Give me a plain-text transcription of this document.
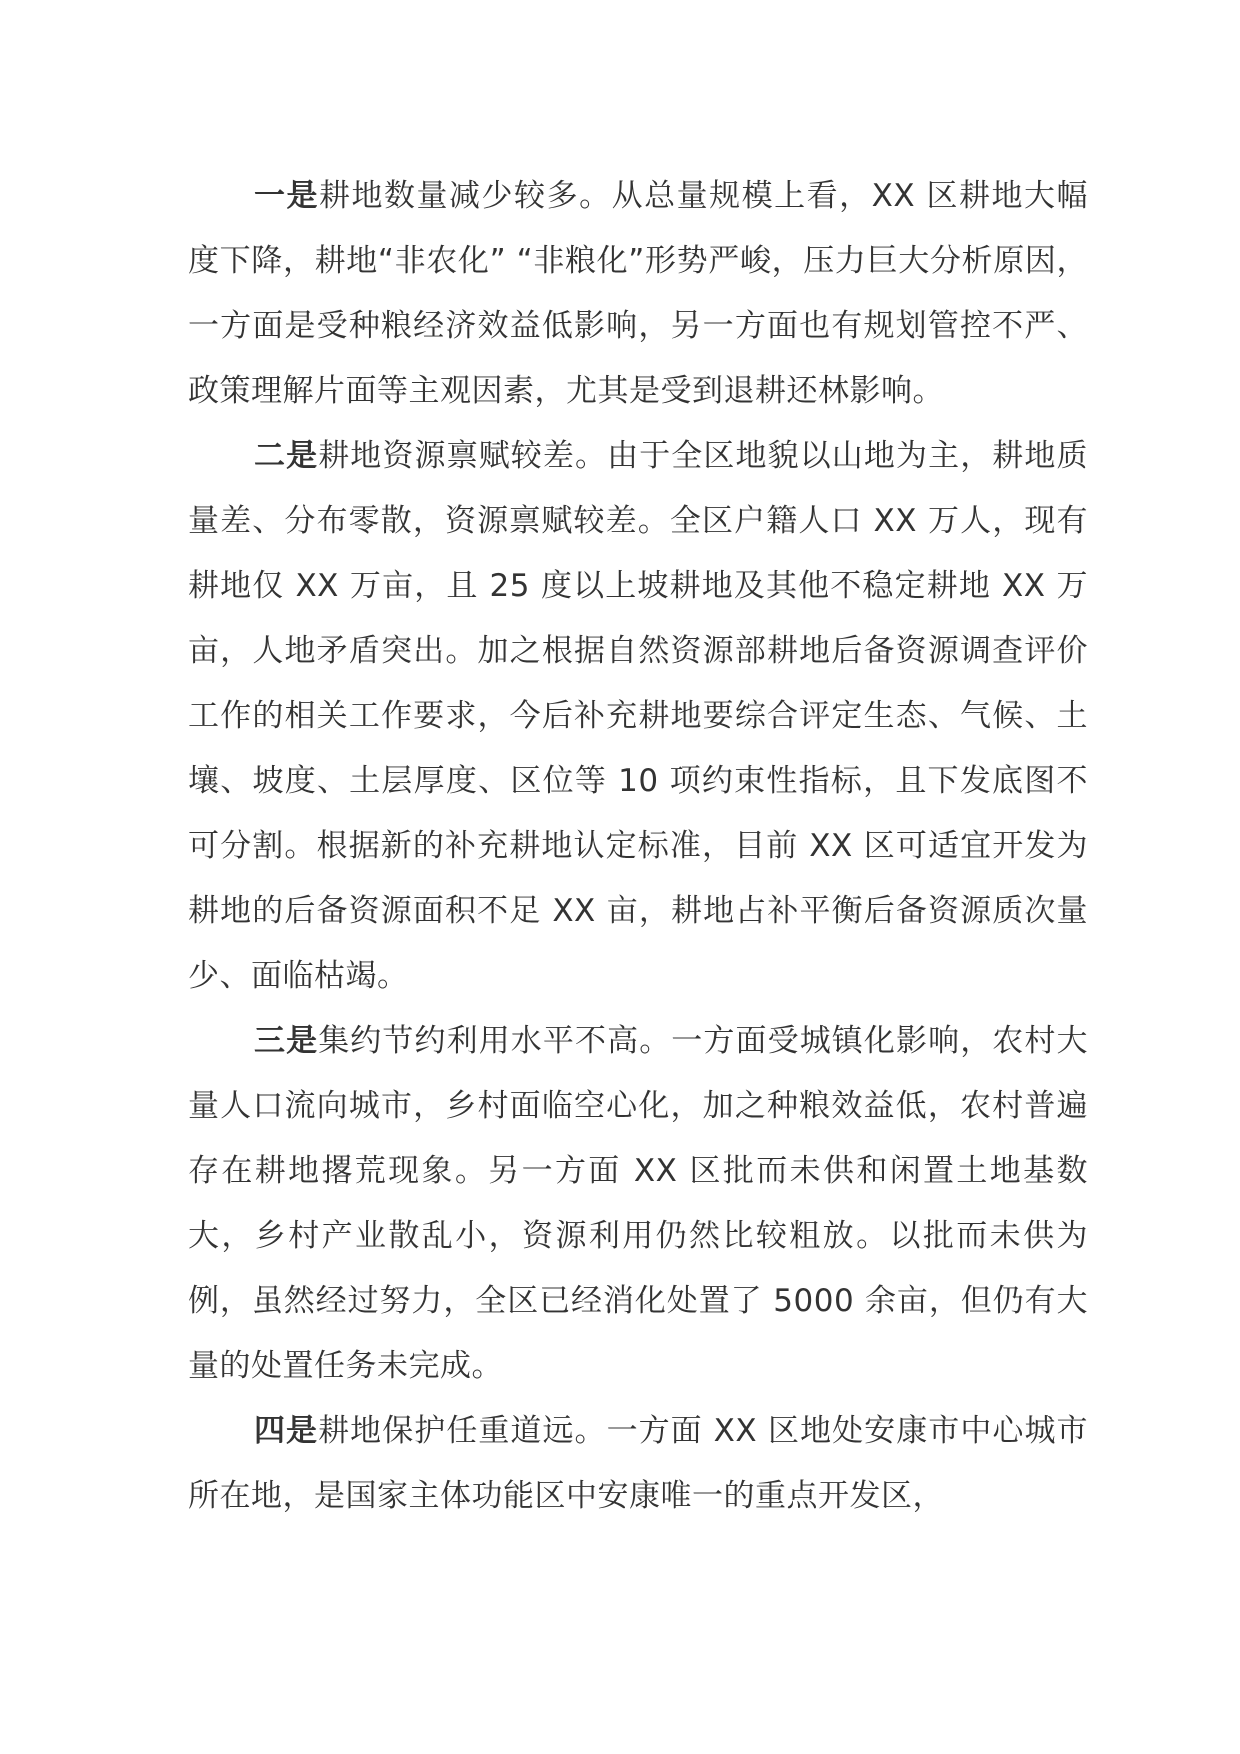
一是耕地数量减少较多。从总量规模上看，XX 区耕地大幅度下降，耕地“非农化” “非粮化”形势严峻，压力巨大分析原因，一方面是受种粮经济效益低影响，另一方面也有规划管控不严、政策理解片面等主观因素，尤其是受到退耕还林影响。

二是耕地资源禀赋较差。由于全区地貌以山地为主，耕地质量差、分布零散，资源禀赋较差。全区户籍人口 XX 万人，现有耕地仅 XX 万亩，且 25 度以上坡耕地及其他不稳定耕地 XX 万亩，人地矛盾突出。加之根据自然资源部耕地后备资源调查评价工作的相关工作要求，今后补充耕地要综合评定生态、气候、土壤、坡度、土层厚度、区位等 10 项约束性指标，且下发底图不可分割。根据新的补充耕地认定标准，目前 XX 区可适宜开发为耕地的后备资源面积不足 XX 亩，耕地占补平衡后备资源质次量少、面临枯竭。

三是集约节约利用水平不高。一方面受城镇化影响，农村大量人口流向城市，乡村面临空心化，加之种粮效益低，农村普遍存在耕地撂荒现象。另一方面 XX 区批而未供和闲置土地基数大，乡村产业散乱小，资源利用仍然比较粗放。以批而未供为例，虽然经过努力，全区已经消化处置了 5000 余亩，但仍有大量的处置任务未完成。

四是耕地保护任重道远。一方面 XX 区地处安康市中心城市所在地，是国家主体功能区中安康唯一的重点开发区，
